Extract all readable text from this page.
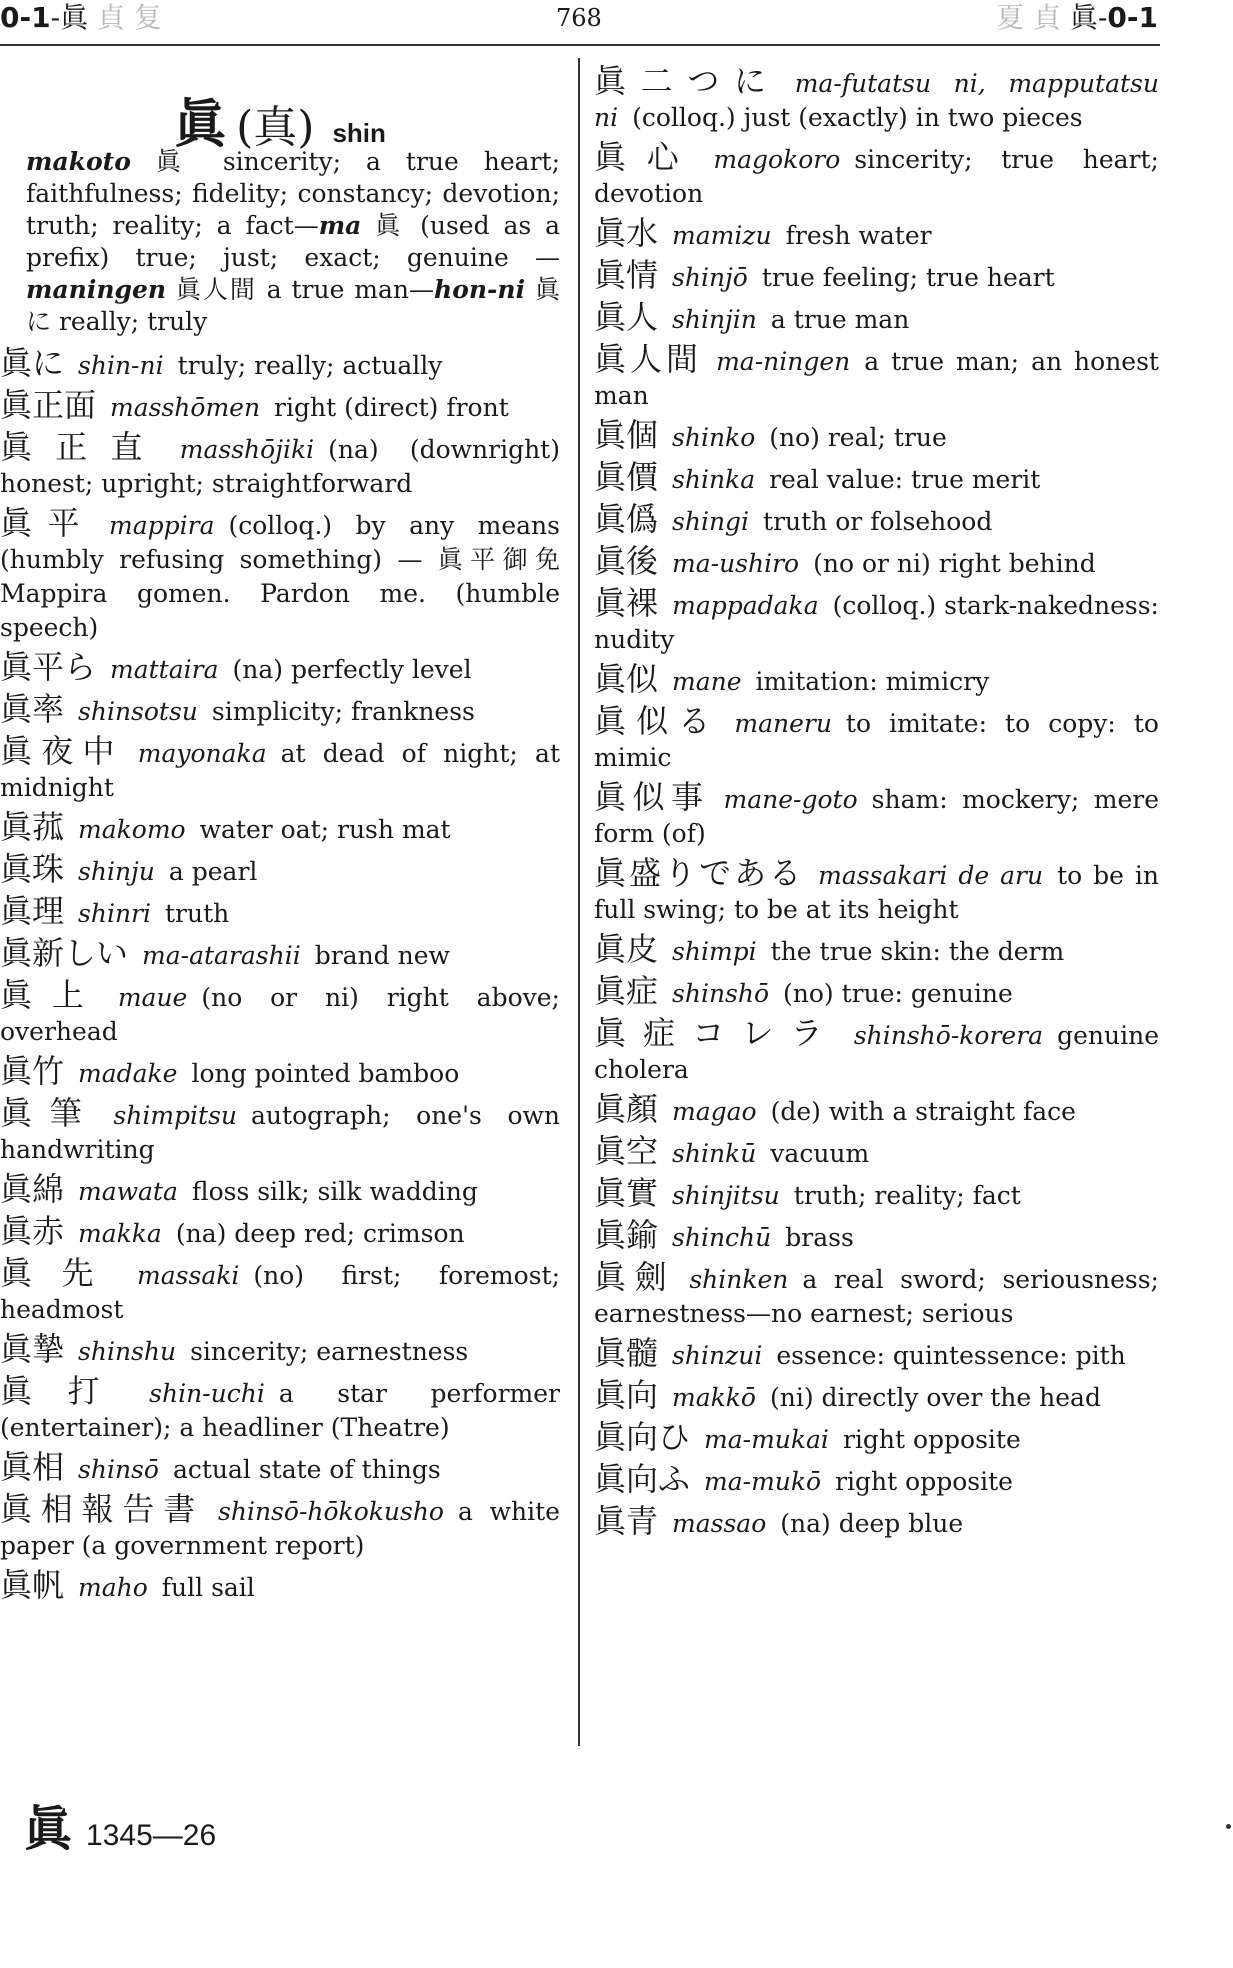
0-1-眞 貞 复	768	夏 貞 眞-0-1
眞 (真) shin
makoto 眞 sincerity; a true heart; faithfulness; fidelity; constancy; devotion; truth; reality; a fact—ma 眞 (used as a prefix) true; just; exact; genuine — maningen 眞人間 a true man—hon-ni 眞に really; truly
眞に shin-ni truly; really; actually
眞正面 masshōmen right (direct) front
眞正直 masshōjiki (na) (downright) honest; upright; straightforward
眞平 mappira (colloq.) by any means (humbly refusing something) — 眞平御免 Mappira gomen. Pardon me. (humble speech)
眞平ら mattaira (na) perfectly level
眞率 shinsotsu simplicity; frankness
眞夜中 mayonaka at dead of night; at midnight
眞菰 makomo water oat; rush mat
眞珠 shinju a pearl
眞理 shinri truth
眞新しい ma-atarashii brand new
眞上 maue (no or ni) right above; overhead
眞竹 madake long pointed bamboo
眞筆 shimpitsu autograph; one's own handwriting
眞綿 mawata floss silk; silk wadding
眞赤 makka (na) deep red; crimson
眞先 massaki (no) first; foremost; headmost
眞摯 shinshu sincerity; earnestness
眞打 shin-uchi a star performer (entertainer); a headliner (Theatre)
眞相 shinsō actual state of things
眞相報告書 shinsō-hōkokusho a white paper (a government report)
眞帆 maho full sail
眞二つに ma-futatsu ni, mapputatsu ni (colloq.) just (exactly) in two pieces
眞心 magokoro sincerity; true heart; devotion
眞水 mamizu fresh water
眞情 shinjō true feeling; true heart
眞人 shinjin a true man
眞人間 ma-ningen a true man; an honest man
眞個 shinko (no) real; true
眞價 shinka real value: true merit
眞僞 shingi truth or folsehood
眞後 ma-ushiro (no or ni) right behind
眞裸 mappadaka (colloq.) stark-nakedness: nudity
眞似 mane imitation: mimicry
眞似る maneru to imitate: to copy: to mimic
眞似事 mane-goto sham: mockery; mere form (of)
眞盛りである massakari de aru to be in full swing; to be at its height
眞皮 shimpi the true skin: the derm
眞症 shinshō (no) true: genuine
眞症コレラ shinshō-korera genuine cholera
眞顏 magao (de) with a straight face
眞空 shinkū vacuum
眞實 shinjitsu truth; reality; fact
眞鍮 shinchū brass
眞劍 shinken a real sword; seriousness; earnestness—no earnest; serious
眞髓 shinzui essence: quintessence: pith
眞向 makkō (ni) directly over the head
眞向ひ ma-mukai right opposite
眞向ふ ma-mukō right opposite
眞青 massao (na) deep blue
眞 1345—26
